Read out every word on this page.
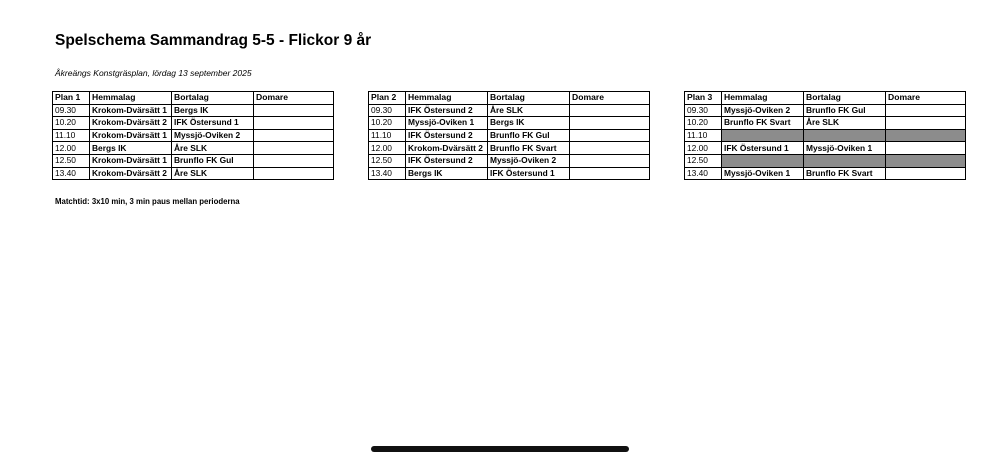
Spelschema Sammandrag 5-5 - Flickor 9 år
Åkreängs Konstgräsplan, lördag 13 september 2025
Plan 1	Hemmalag	Bortalag	Domare
09.30	Krokom-Dvärsätt 1	Bergs IK	
10.20	Krokom-Dvärsätt 2	IFK Östersund 1	
11.10	Krokom-Dvärsätt 1	Myssjö-Oviken 2	
12.00	Bergs IK	Åre SLK	
12.50	Krokom-Dvärsätt 1	Brunflo FK Gul	
13.40	Krokom-Dvärsätt 2	Åre SLK	
Plan 2	Hemmalag	Bortalag	Domare
09.30	IFK Östersund 2	Åre SLK	
10.20	Myssjö-Oviken 1	Bergs IK	
11.10	IFK Östersund 2	Brunflo FK Gul	
12.00	Krokom-Dvärsätt 2	Brunflo FK Svart	
12.50	IFK Östersund 2	Myssjö-Oviken 2	
13.40	Bergs IK	IFK Östersund 1	
Plan 3	Hemmalag	Bortalag	Domare
09.30	Myssjö-Oviken 2	Brunflo FK Gul	
10.20	Brunflo FK Svart	Åre SLK	
11.10			
12.00	IFK Östersund 1	Myssjö-Oviken 1	
12.50			
13.40	Myssjö-Oviken 1	Brunflo FK Svart	
Matchtid: 3x10 min, 3 min paus mellan perioderna
